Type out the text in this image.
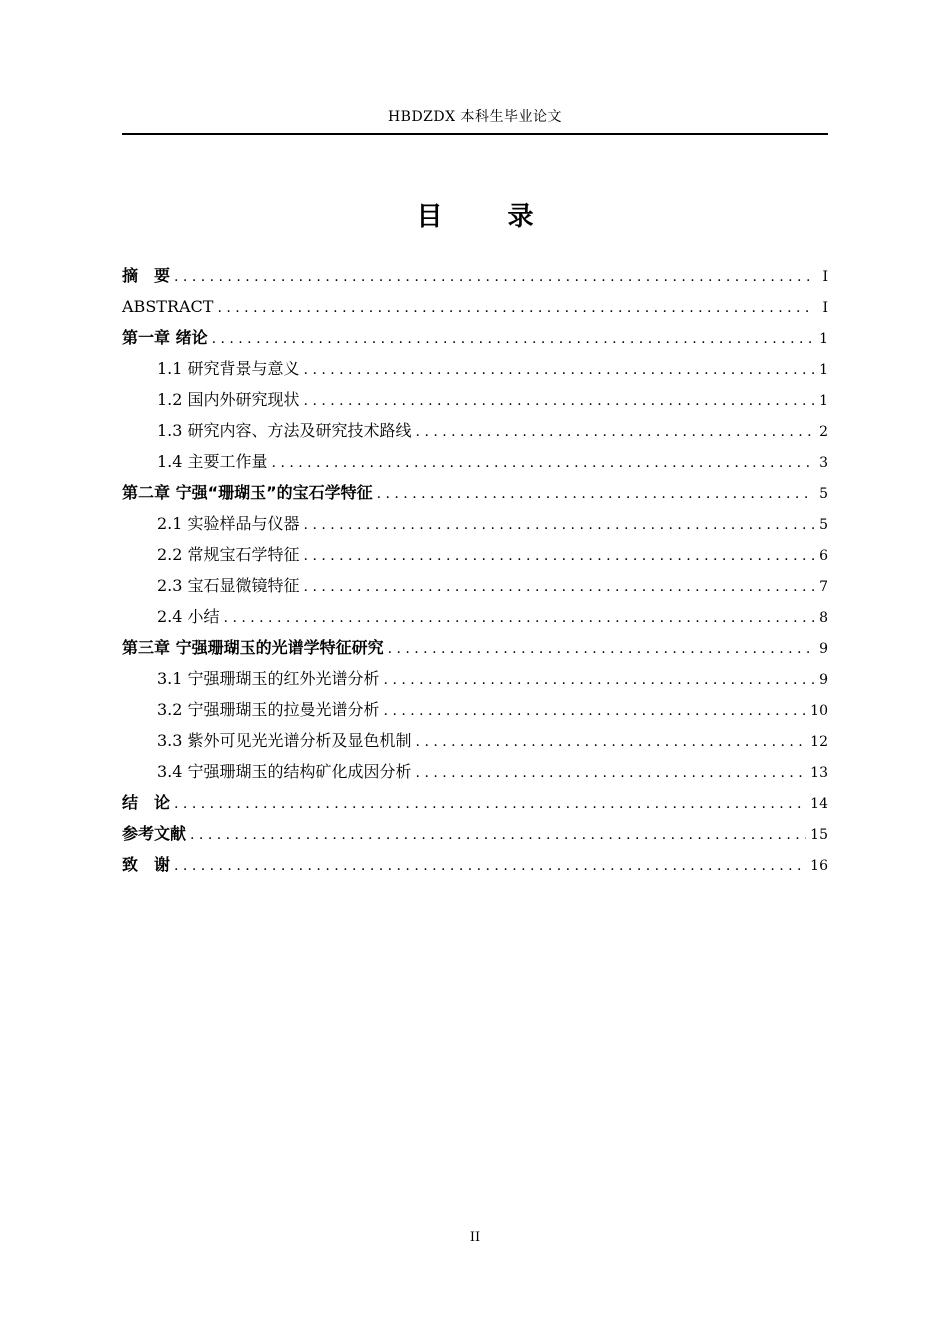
HBDZDX 本科生毕业论文
目 录
摘　要 . . .	I
ABSTRACT . . .	I
第一章 绪论 . . .	1
1.1 研究背景与意义 . . .	1
1.2 国内外研究现状 . . .	1
1.3 研究内容、方法及研究技术路线 . . .	2
1.4 主要工作量 . . .	3
第二章 宁强“珊瑚玉”的宝石学特征 . . .	5
2.1 实验样品与仪器 . . .	5
2.2 常规宝石学特征 . . .	6
2.3 宝石显微镜特征 . . .	7
2.4 小结 . . .	8
第三章 宁强珊瑚玉的光谱学特征研究 . . .	9
3.1 宁强珊瑚玉的红外光谱分析 . . .	9
3.2 宁强珊瑚玉的拉曼光谱分析 . . .	10
3.3 紫外可见光光谱分析及显色机制 . . .	12
3.4 宁强珊瑚玉的结构矿化成因分析 . . .	13
结　论 . . .	14
参考文献 . . .	15
致　谢 . . .	16
II
